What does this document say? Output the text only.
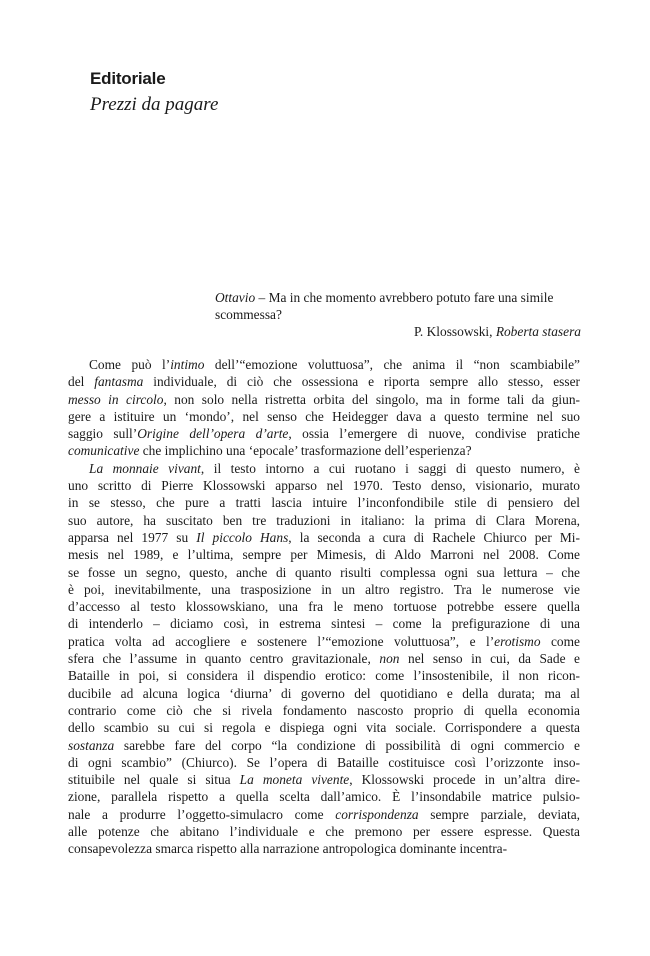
Editoriale

Prezzi da pagare

Ottavio – Ma in che momento avrebbero potuto fare una simile
scommessa?

P. Klossowski, Roberta stasera

Come può l’intimo dell’“emozione voluttuosa”, che anima il “non scambiabile”
del fantasma individuale, di ciò che ossessiona e riporta sempre allo stesso, esser
messo in circolo, non solo nella ristretta orbita del singolo, ma in forme tali da giun-
gere a istituire un ‘mondo’, nel senso che Heidegger dava a questo termine nel suo
saggio sull’Origine dell’opera d’arte, ossia l’emergere di nuove, condivise pratiche
comunicative che implichino una ‘epocale’ trasformazione dell’esperienza?
La monnaie vivant, il testo intorno a cui ruotano i saggi di questo numero, è
uno scritto di Pierre Klossowski apparso nel 1970. Testo denso, visionario, murato
in se stesso, che pure a tratti lascia intuire l’inconfondibile stile di pensiero del
suo autore, ha suscitato ben tre traduzioni in italiano: la prima di Clara Morena,
apparsa nel 1977 su Il piccolo Hans, la seconda a cura di Rachele Chiurco per Mi-
mesis nel 1989, e l’ultima, sempre per Mimesis, di Aldo Marroni nel 2008. Come
se fosse un segno, questo, anche di quanto risulti complessa ogni sua lettura – che
è poi, inevitabilmente, una trasposizione in un altro registro. Tra le numerose vie
d’accesso al testo klossowskiano, una fra le meno tortuose potrebbe essere quella
di intenderlo – diciamo così, in estrema sintesi – come la prefigurazione di una
pratica volta ad accogliere e sostenere l’“emozione voluttuosa”, e l’erotismo come
sfera che l’assume in quanto centro gravitazionale, non nel senso in cui, da Sade e
Bataille in poi, si considera il dispendio erotico: come l’insostenibile, il non ricon-
ducibile ad alcuna logica ‘diurna’ di governo del quotidiano e della durata; ma al
contrario come ciò che si rivela fondamento nascosto proprio di quella economia
dello scambio su cui si regola e dispiega ogni vita sociale. Corrispondere a questa
sostanza sarebbe fare del corpo “la condizione di possibilità di ogni commercio e
di ogni scambio” (Chiurco). Se l’opera di Bataille costituisce così l’orizzonte inso-
stituibile nel quale si situa La moneta vivente, Klossowski procede in un’altra dire-
zione, parallela rispetto a quella scelta dall’amico. È l’insondabile matrice pulsio-
nale a produrre l’oggetto-simulacro come corrispondenza sempre parziale, deviata,
alle potenze che abitano l’individuale e che premono per essere espresse. Questa
consapevolezza smarca rispetto alla narrazione antropologica dominante incentra-
